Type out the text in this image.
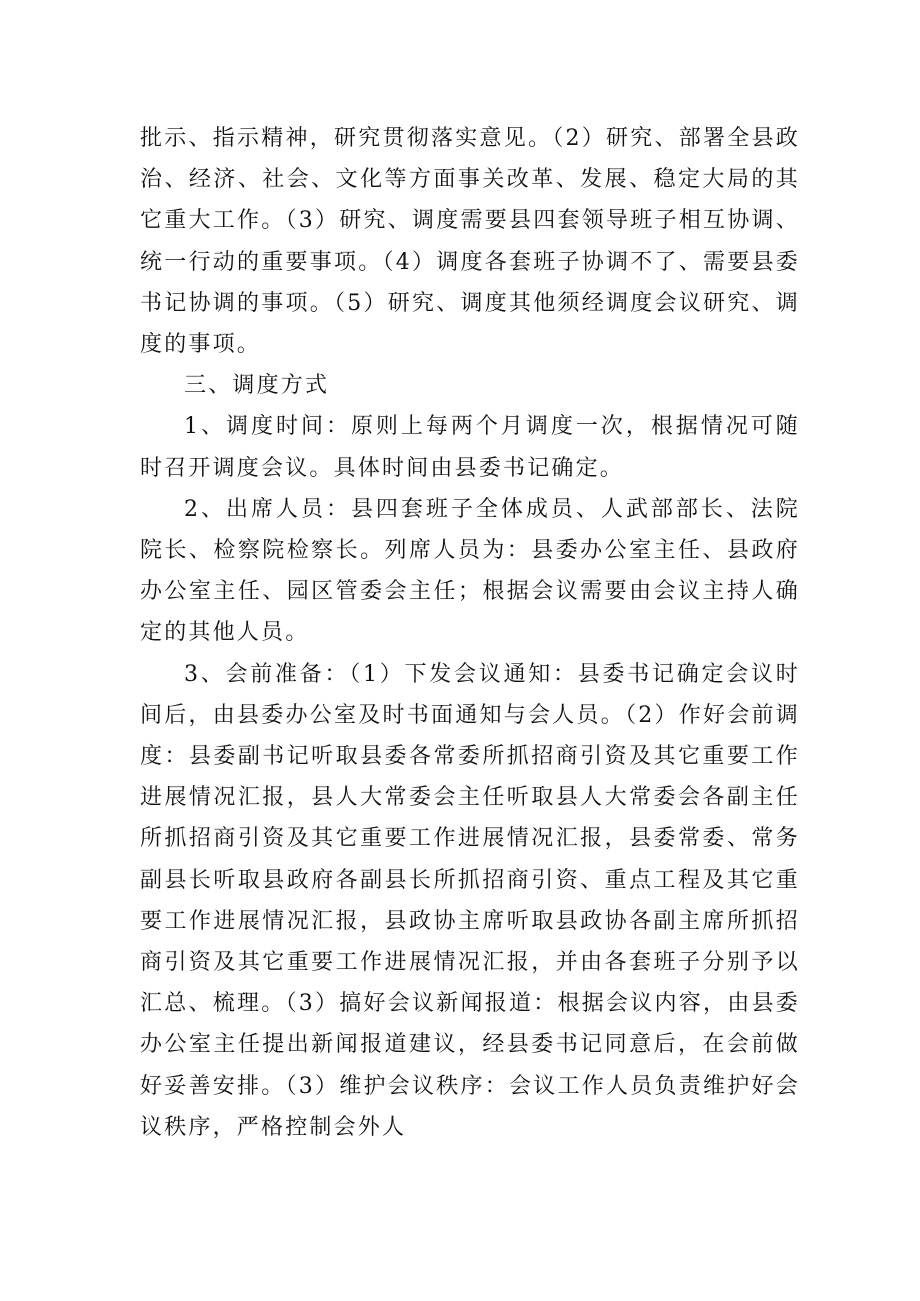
批示、指示精神，研究贯彻落实意见。（2）研究、部署全县政治、经济、社会、文化等方面事关改革、发展、稳定大局的其它重大工作。（3）研究、调度需要县四套领导班子相互协调、统一行动的重要事项。（4）调度各套班子协调不了、需要县委书记协调的事项。（5）研究、调度其他须经调度会议研究、调度的事项。

三、调度方式

1、调度时间：原则上每两个月调度一次，根据情况可随时召开调度会议。具体时间由县委书记确定。

2、出席人员：县四套班子全体成员、人武部部长、法院院长、检察院检察长。列席人员为：县委办公室主任、县政府办公室主任、园区管委会主任；根据会议需要由会议主持人确定的其他人员。

3、会前准备：（1）下发会议通知：县委书记确定会议时间后，由县委办公室及时书面通知与会人员。（2）作好会前调度：县委副书记听取县委各常委所抓招商引资及其它重要工作进展情况汇报，县人大常委会主任听取县人大常委会各副主任所抓招商引资及其它重要工作进展情况汇报，县委常委、常务副县长听取县政府各副县长所抓招商引资、重点工程及其它重要工作进展情况汇报，县政协主席听取县政协各副主席所抓招商引资及其它重要工作进展情况汇报，并由各套班子分别予以汇总、梳理。（3）搞好会议新闻报道：根据会议内容，由县委办公室主任提出新闻报道建议，经县委书记同意后，在会前做好妥善安排。（3）维护会议秩序：会议工作人员负责维护好会议秩序，严格控制会外人
